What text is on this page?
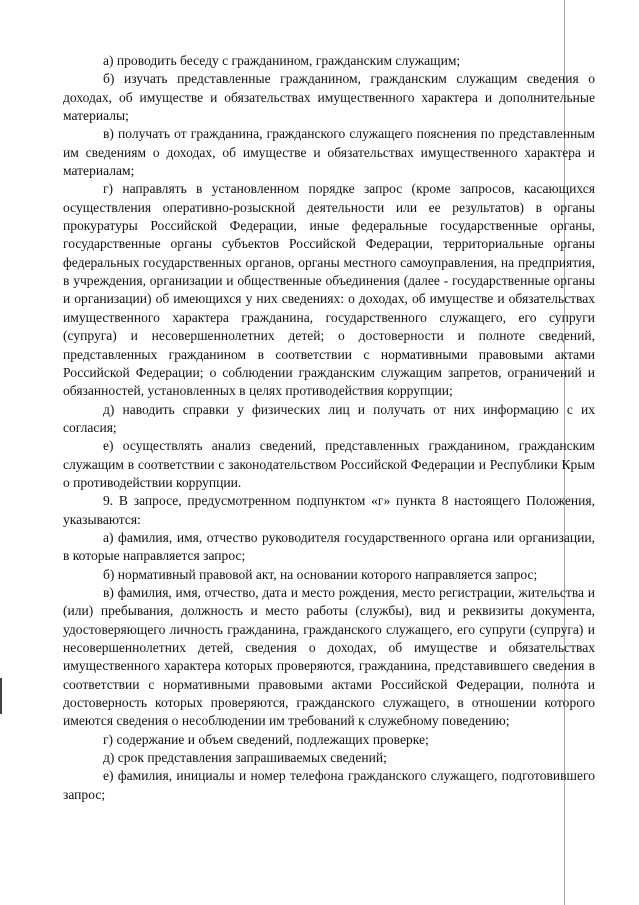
а) проводить беседу с гражданином, гражданским служащим;

б) изучать представленные гражданином, гражданским служащим сведения о доходах, об имуществе и обязательствах имущественного характера и дополнительные материалы;

в) получать от гражданина, гражданского служащего пояснения по представленным им сведениям о доходах, об имуществе и обязательствах имущественного характера и материалам;

г) направлять в установленном порядке запрос (кроме запросов, касающихся осуществления оперативно-розыскной деятельности или ее результатов) в органы прокуратуры Российской Федерации, иные федеральные государственные органы, государственные органы субъектов Российской Федерации, территориальные органы федеральных государственных органов, органы местного самоуправления, на предприятия, в учреждения, организации и общественные объединения (далее - государственные органы и организации) об имеющихся у них сведениях: о доходах, об имуществе и обязательствах имущественного характера гражданина, государственного служащего, его супруги (супруга) и несовершеннолетних детей; о достоверности и полноте сведений, представленных гражданином в соответствии с нормативными правовыми актами Российской Федерации; о соблюдении гражданским служащим запретов, ограничений и обязанностей, установленных в целях противодействия коррупции;

д) наводить справки у физических лиц и получать от них информацию с их согласия;

е) осуществлять анализ сведений, представленных гражданином, гражданским служащим в соответствии с законодательством Российской Федерации и Республики Крым о противодействии коррупции.

9. В запросе, предусмотренном подпунктом «г» пункта 8 настоящего Положения, указываются:

а) фамилия, имя, отчество руководителя государственного органа или организации, в которые направляется запрос;

б) нормативный правовой акт, на основании которого направляется запрос;

в) фамилия, имя, отчество, дата и место рождения, место регистрации, жительства и (или) пребывания, должность и место работы (службы), вид и реквизиты документа, удостоверяющего личность гражданина, гражданского служащего, его супруги (супруга) и несовершеннолетних детей, сведения о доходах, об имуществе и обязательствах имущественного характера которых проверяются, гражданина, представившего сведения в соответствии с нормативными правовыми актами Российской Федерации, полнота и достоверность которых проверяются, гражданского служащего, в отношении которого имеются сведения о несоблюдении им требований к служебному поведению;

г) содержание и объем сведений, подлежащих проверке;

д) срок представления запрашиваемых сведений;

е) фамилия, инициалы и номер телефона гражданского служащего, подготовившего запрос;
